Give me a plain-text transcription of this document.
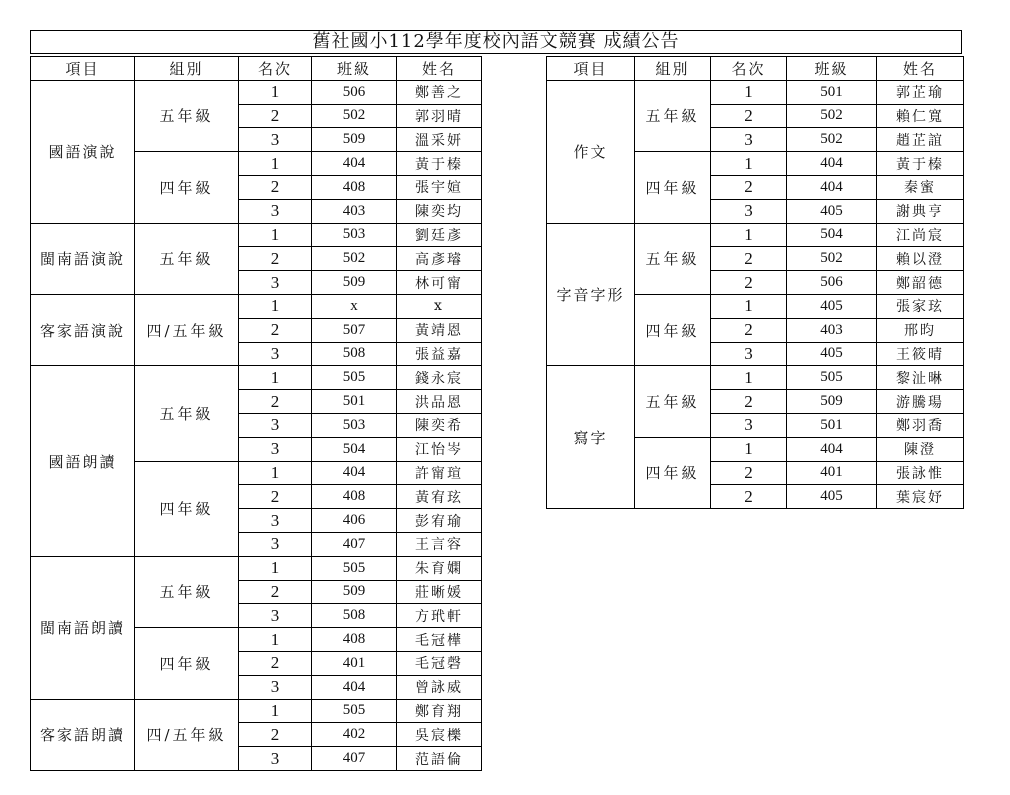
舊社國小112學年度校內語文競賽 成績公告
項目	組別	名次	班級	姓名
國語演說	五年級	1	506	鄭善之
		2	502	郭羽晴
		3	509	溫采妍
	四年級	1	404	黃于榛
		2	408	張宇媗
		3	403	陳奕均
閩南語演說	五年級	1	503	劉廷彥
		2	502	高彥璿
		3	509	林可甯
客家語演說	四/五年級	1	x	x
		2	507	黃靖恩
		3	508	張益嘉
國語朗讀	五年級	1	505	錢永宸
		2	501	洪品恩
		3	503	陳奕希
		3	504	江怡岑
	四年級	1	404	許甯瑄
		2	408	黃宥玹
		3	406	彭宥瑜
		3	407	王言容
閩南語朗讀	五年級	1	505	朱育嫻
		2	509	莊晰媛
		3	508	方玳軒
	四年級	1	408	毛冠樺
		2	401	毛冠磬
		3	404	曾詠威
客家語朗讀	四/五年級	1	505	鄭育翔
		2	402	吳宸櫟
		3	407	范語倫
項目	組別	名次	班級	姓名
作文	五年級	1	501	郭芷瑜
		2	502	賴仁寬
		3	502	趙芷誼
	四年級	1	404	黃于榛
		2	404	秦蜜
		3	405	謝典亨
字音字形	五年級	1	504	江尚宸
		2	502	賴以澄
		2	506	鄭韶德
	四年級	1	405	張家玹
		2	403	邢昀
		3	405	王筱晴
寫字	五年級	1	505	黎沚晽
		2	509	游騰瑒
		3	501	鄭羽喬
	四年級	1	404	陳澄
		2	401	張詠惟
		2	405	葉宸妤
